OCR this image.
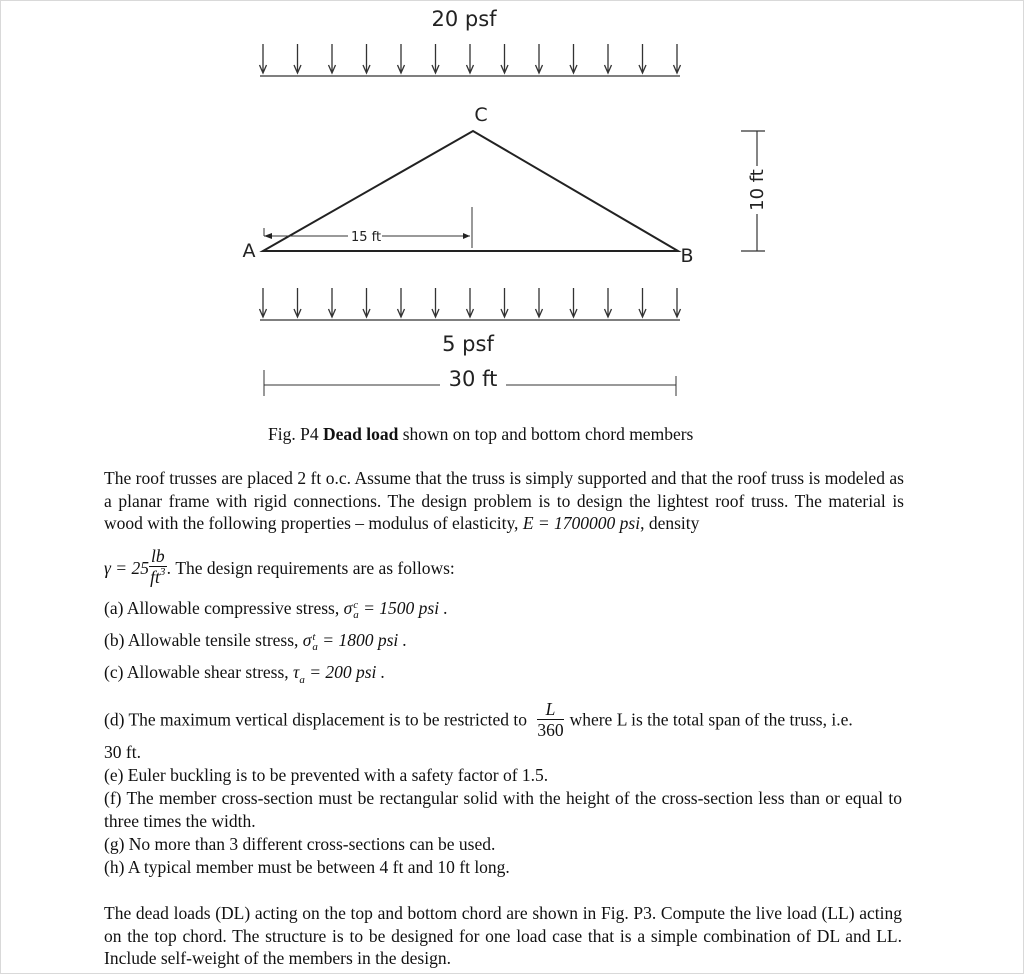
20 psf
C
A	B
15 ft
10 ft
5 psf
30 ft
Fig. P4 Dead load shown on top and bottom chord members
The roof trusses are placed 2 ft o.c. Assume that the truss is simply supported and that the roof truss is modeled as a planar frame with rigid connections. The design problem is to design the lightest roof truss. The material is wood with the following properties – modulus of elasticity, E = 1700000 psi, density
$\gamma = 25 \frac{lb}{ft^3}$ . The design requirements are as follows:
(a) Allowable compressive stress, σ c
a = 1500 psi .
(b) Allowable tensile stress, σ t
a = 1800 psi .
(c) Allowable shear stress, $\tau_a = 200$ psi .
(d) The maximum vertical displacement is to be restricted to $\frac{L}{360}$ where L is the total span of the truss, i.e.
30 ft.
(e) Euler buckling is to be prevented with a safety factor of 1.5.
(f) The member cross-section must be rectangular solid with the height of the cross-section less than or equal to three times the width.
(g) No more than 3 different cross-sections can be used.
(h) A typical member must be between 4 ft and 10 ft long.
The dead loads (DL) acting on the top and bottom chord are shown in Fig. P3. Compute the live load (LL) acting on the top chord. The structure is to be designed for one load case that is a simple combination of DL and LL. Include self-weight of the members in the design.
